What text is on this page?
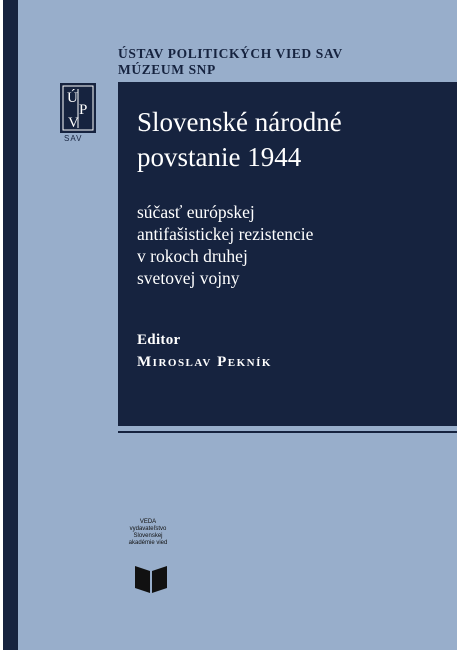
ÚSTAV POLITICKÝCH VIED SAV
MÚZEUM SNP
Ú
P
V
SAV
Slovenské národné
povstanie 1944
súčasť európskej
antifašistickej rezistencie
v rokoch druhej
svetovej vojny
Editor
Miroslav Pekník
VEDA
vydavateľstvo
Slovenskej
akadémie vied
